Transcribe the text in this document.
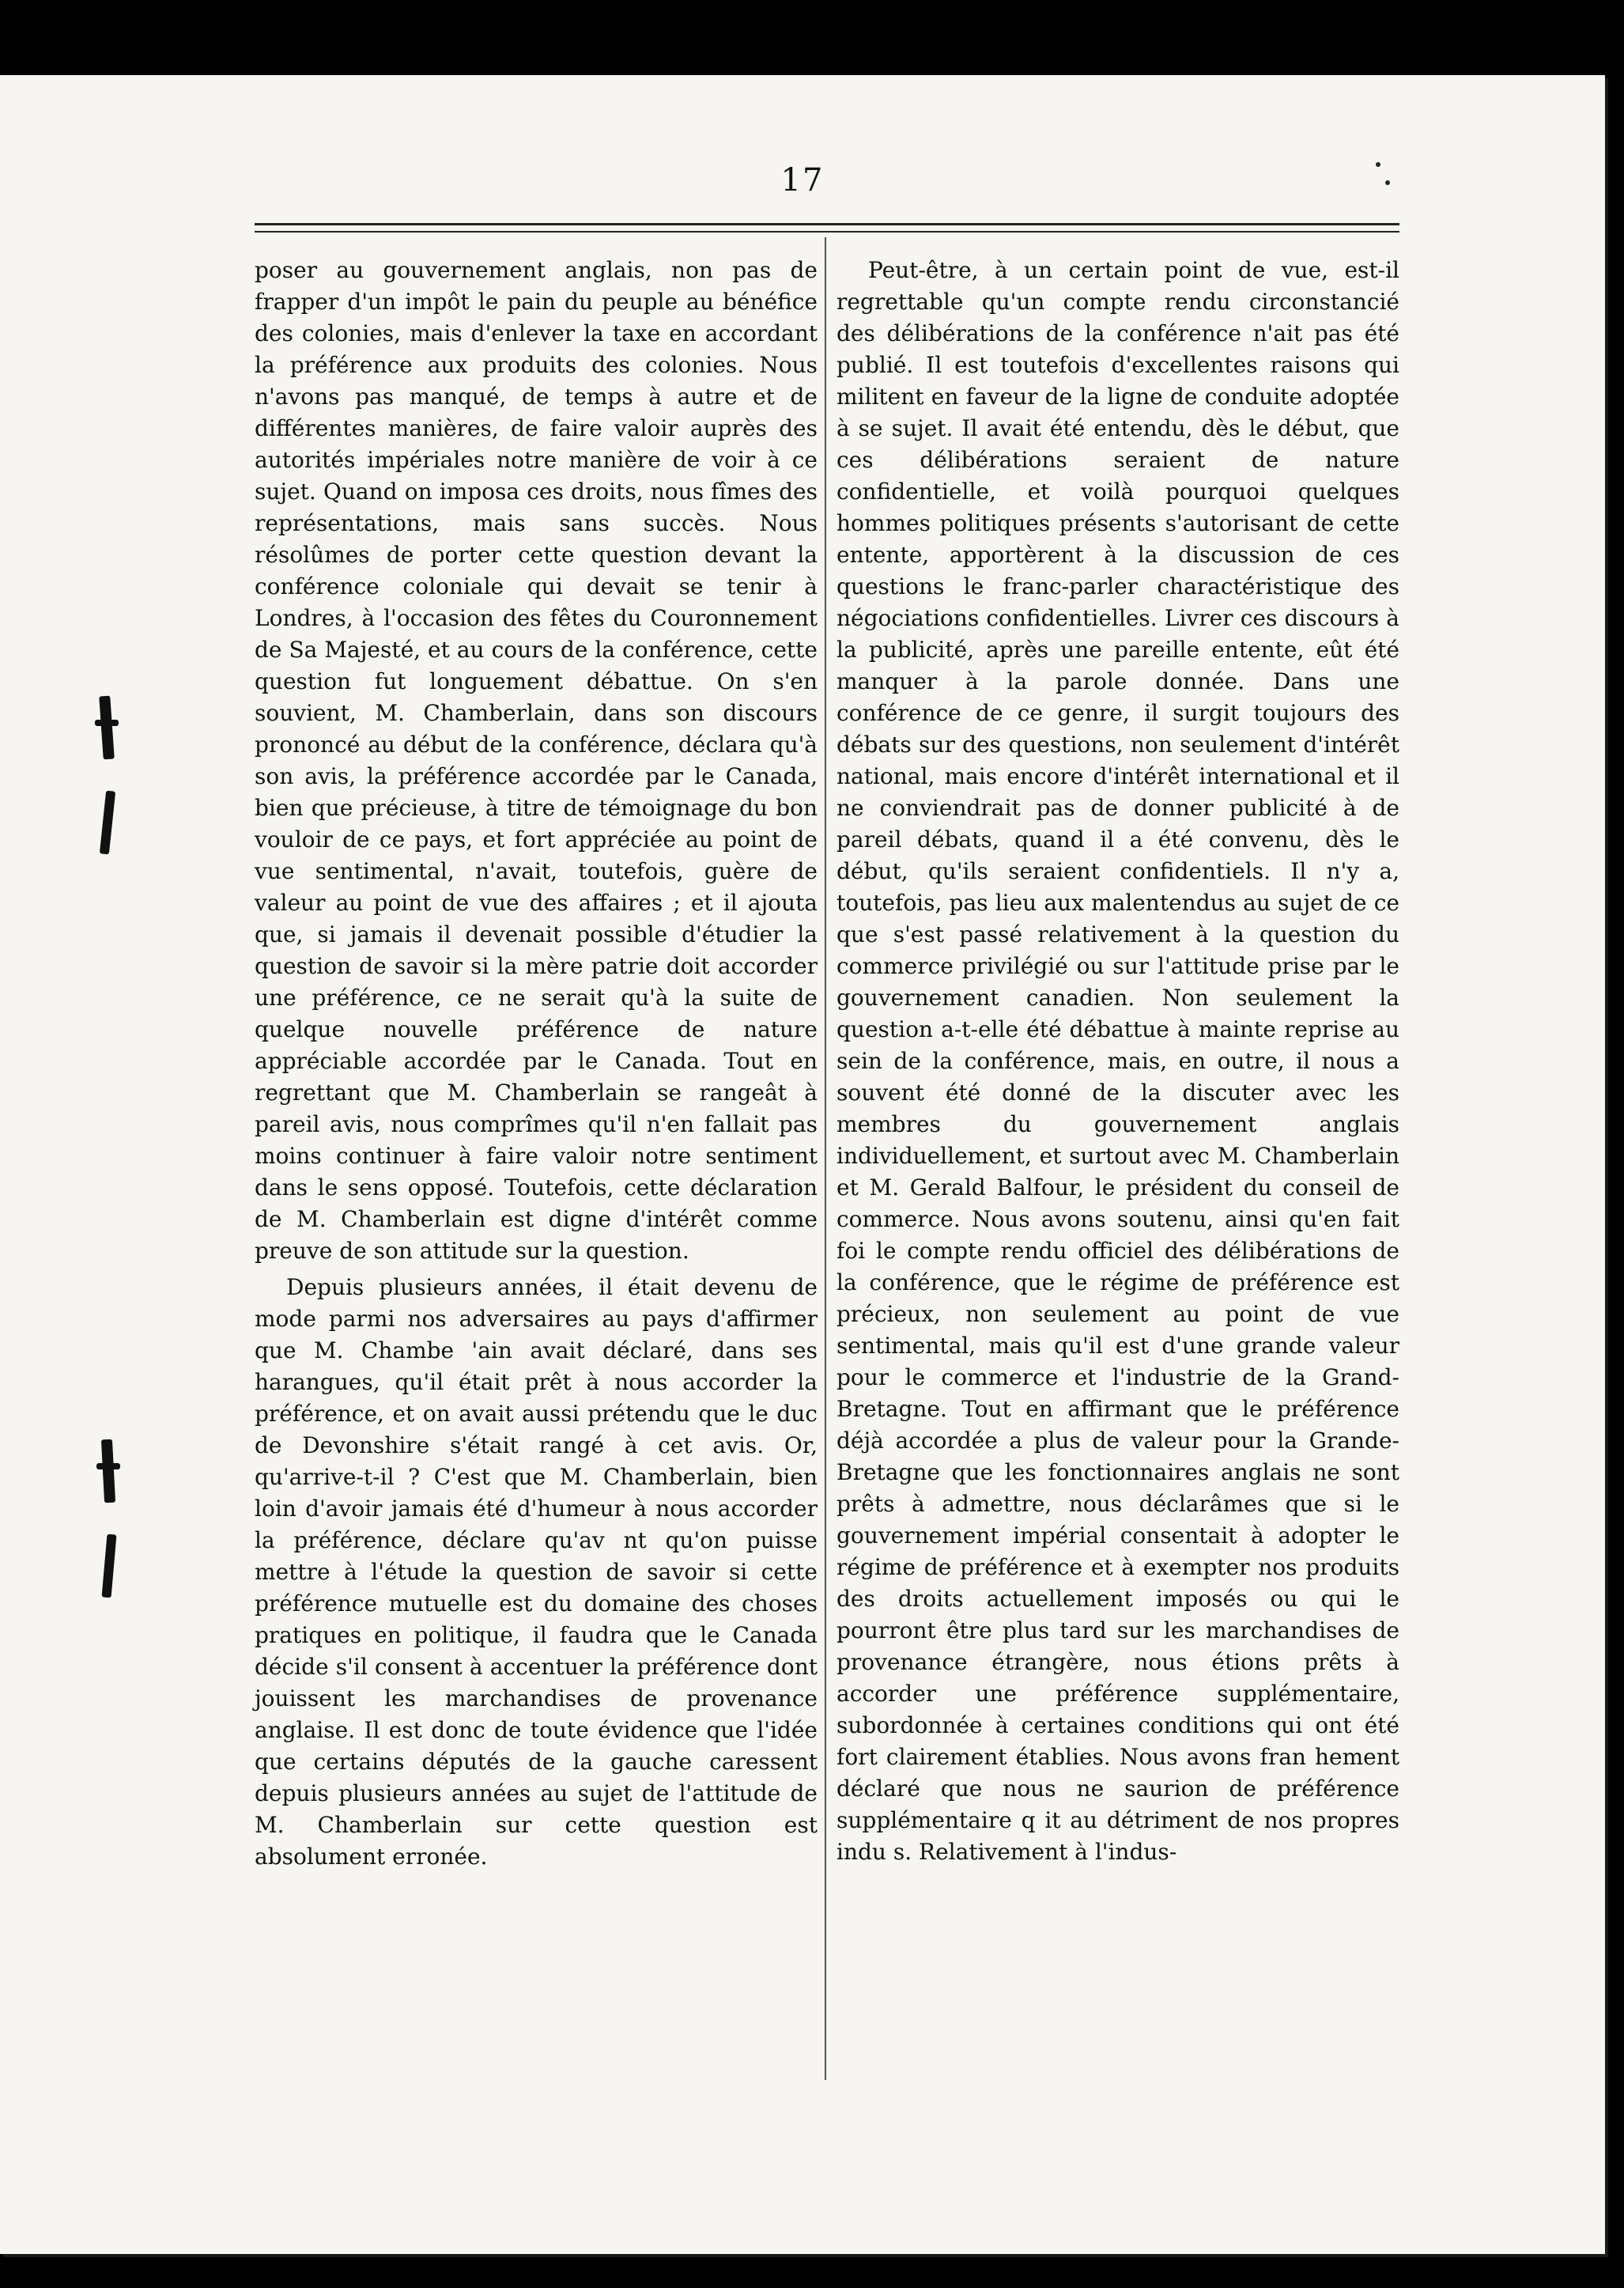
17

poser au gouvernement anglais, non pas de frapper d'un impôt le pain du peuple au bénéfice des colonies, mais d'enlever la taxe en accordant la préférence aux produits des colonies. Nous n'avons pas manqué, de temps à autre et de différentes manières, de faire valoir auprès des autorités impériales notre manière de voir à ce sujet. Quand on imposa ces droits, nous fîmes des représentations, mais sans succès. Nous résolûmes de porter cette question devant la conférence coloniale qui devait se tenir à Londres, à l'occasion des fêtes du Couronnement de Sa Majesté, et au cours de la conférence, cette question fut longuement débattue. On s'en souvient, M. Chamberlain, dans son discours prononcé au début de la conférence, déclara qu'à son avis, la préférence accordée par le Canada, bien que précieuse, à titre de témoignage du bon vouloir de ce pays, et fort appréciée au point de vue sentimental, n'avait, toutefois, guère de valeur au point de vue des affaires ; et il ajouta que, si jamais il devenait possible d'étudier la question de savoir si la mère patrie doit accorder une préférence, ce ne serait qu'à la suite de quelque nouvelle préférence de nature appréciable accordée par le Canada. Tout en regrettant que M. Chamberlain se rangeât à pareil avis, nous comprîmes qu'il n'en fallait pas moins continuer à faire valoir notre sentiment dans le sens opposé. Toutefois, cette déclaration de M. Chamberlain est digne d'intérêt comme preuve de son attitude sur la question.

Depuis plusieurs années, il était devenu de mode parmi nos adversaires au pays d'affirmer que M. Chambe 'ain avait déclaré, dans ses harangues, qu'il était prêt à nous accorder la préférence, et on avait aussi prétendu que le duc de Devonshire s'était rangé à cet avis. Or, qu'arrive-t-il ? C'est que M. Chamberlain, bien loin d'avoir jamais été d'humeur à nous accorder la préférence, déclare qu'av nt qu'on puisse mettre à l'étude la question de savoir si cette préférence mutuelle est du domaine des choses pratiques en politique, il faudra que le Canada décide s'il consent à accentuer la préférence dont jouissent les marchandises de provenance anglaise. Il est donc de toute évidence que l'idée que certains députés de la gauche caressent depuis plusieurs années au sujet de l'attitude de M. Chamberlain sur cette question est absolument erronée.

Peut-être, à un certain point de vue, est-il regrettable qu'un compte rendu circonstancié des délibérations de la conférence n'ait pas été publié. Il est toutefois d'excellentes raisons qui militent en faveur de la ligne de conduite adoptée à se sujet. Il avait été entendu, dès le début, que ces délibérations seraient de nature confidentielle, et voilà pourquoi quelques hommes politiques présents s'autorisant de cette entente, apportèrent à la discussion de ces questions le franc-parler charactéristique des négociations confidentielles. Livrer ces discours à la publicité, après une pareille entente, eût été manquer à la parole donnée. Dans une conférence de ce genre, il surgit toujours des débats sur des questions, non seulement d'intérêt national, mais encore d'intérêt international et il ne conviendrait pas de donner publicité à de pareil débats, quand il a été convenu, dès le début, qu'ils seraient confidentiels. Il n'y a, toutefois, pas lieu aux malentendus au sujet de ce que s'est passé relativement à la question du commerce privilégié ou sur l'attitude prise par le gouvernement canadien. Non seulement la question a-t-elle été débattue à mainte reprise au sein de la conférence, mais, en outre, il nous a souvent été donné de la discuter avec les membres du gouvernement anglais individuellement, et surtout avec M. Chamberlain et M. Gerald Balfour, le président du conseil de commerce. Nous avons soutenu, ainsi qu'en fait foi le compte rendu officiel des délibérations de la conférence, que le régime de préférence est précieux, non seulement au point de vue sentimental, mais qu'il est d'une grande valeur pour le commerce et l'industrie de la Grand-Bretagne. Tout en affirmant que le préférence déjà accordée a plus de valeur pour la Grande-Bretagne que les fonctionnaires anglais ne sont prêts à admettre, nous déclarâmes que si le gouvernement impérial consentait à adopter le régime de préférence et à exempter nos produits des droits actuellement imposés ou qui le pourront être plus tard sur les marchandises de provenance étrangère, nous étions prêts à accorder une préférence supplémentaire, subordonnée à certaines conditions qui ont été fort clairement établies. Nous avons fran hement déclaré que nous ne saurion de préférence supplémentaire q it au détriment de nos propres indu s. Relativement à l'indus-
